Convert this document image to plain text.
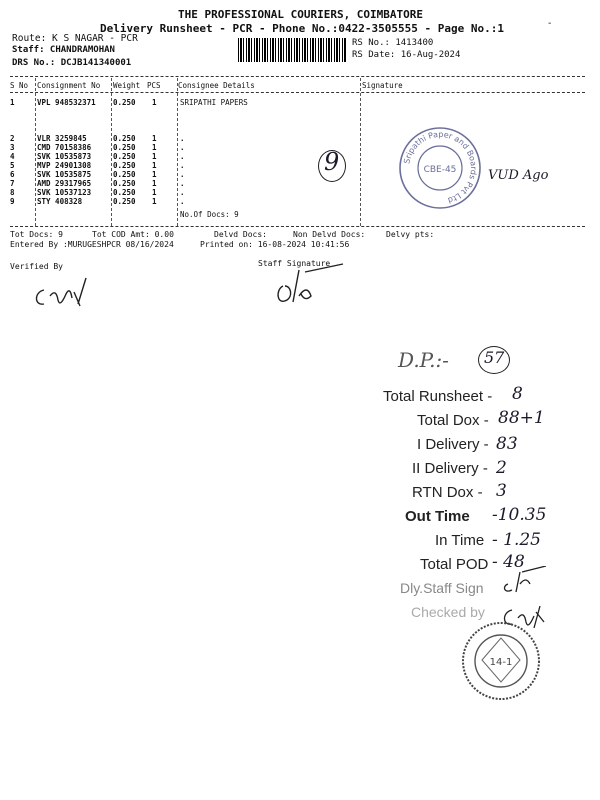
-
THE PROFESSIONAL COURIERS, COIMBATORE
Delivery Runsheet - PCR - Phone No.:0422-3505555 - Page No.:1
Route: K S NAGAR - PCR
Staff: CHANDRAMOHAN
DRS No.: DCJB141340001
RS No.: 1413400
RS Date: 16-Aug-2024
S No Consignment No Weight PCS Consignee Details	Signature
1	VPL 948532371 0.250 1	SRIPATHI PAPERS
2	VLR 3259845	0.250 1	.
3	CMD 70158386	0.250 1	.
4	SVK 10535873	0.250 1	.
5	MVP 24901308	0.250 1	.
6	SVK 10535875	0.250 1	.
7	AMD 29317965	0.250 1	.
8	SVK 10537123	0.250 1	.
9	STY 408328	0.250 1	.
No.Of Docs: 9
9	Sripathi Paper and Boards Pvt Ltd
CBE-45 VUD Ago
Tot Docs: 9	Tot COD Amt: 0.00	Delvd Docs:	Non Delvd Docs:	Delvy pts:
Entered By :MURUGESHPCR 08/16/2024	Printed on: 16-08-2024 10:41:56
Verified By	Staff Signature
D.P.:- 57
Total Runsheet - 8
Total Dox - 88+1
I Delivery - 83
II Delivery - 2
RTN Dox - 3
Out Time -10.35
In Time - 1.25
Total POD - 48
Dly.Staff Sign
Checked by
14-1
